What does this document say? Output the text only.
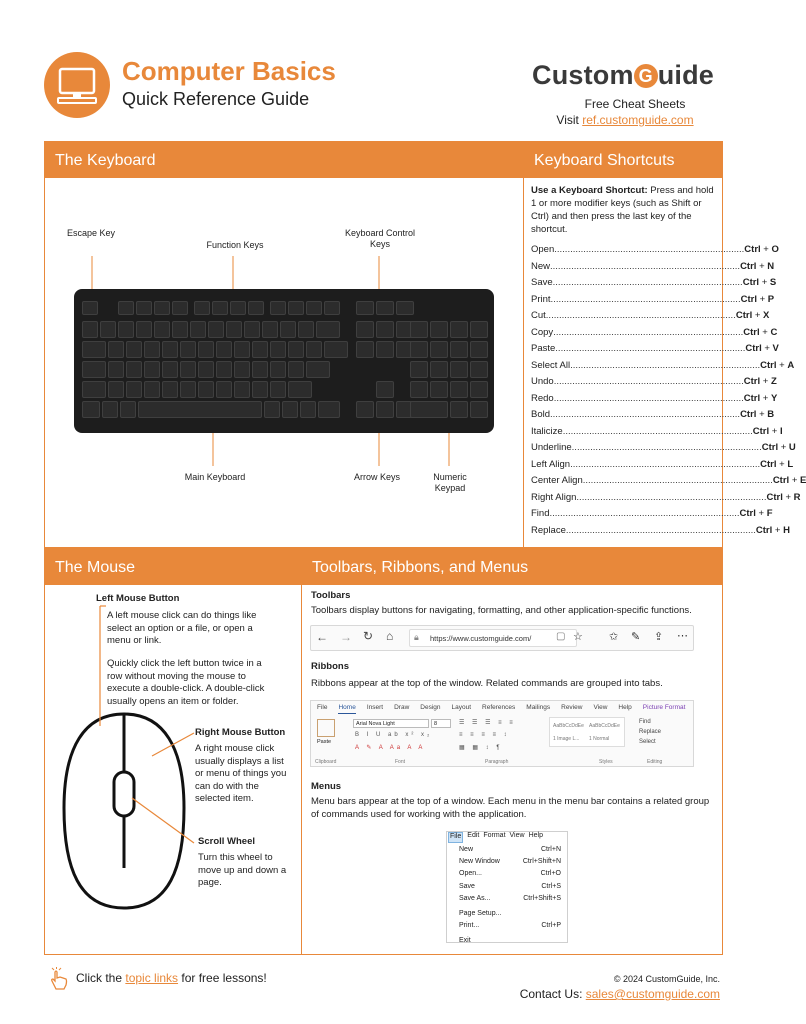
Computer Basics
Quick Reference Guide
Custom G uide
Free Cheat Sheets
Visit ref.customguide.com
The Keyboard
Escape Key
Function Keys
Keyboard Control Keys
Main Keyboard	Arrow Keys	Numeric Keypad
Keyboard Shortcuts
Use a Keyboard Shortcut: Press and hold 1 or more modifier keys (such as Shift or Ctrl) and then press the last key of the shortcut.
Open ........................................................................ Ctrl + O
New ........................................................................ Ctrl + N
Save ........................................................................ Ctrl + S
Print ........................................................................ Ctrl + P
Cut ........................................................................ Ctrl + X
Copy ........................................................................ Ctrl + C
Paste ........................................................................ Ctrl + V
Select All ........................................................................ Ctrl + A
Undo ........................................................................ Ctrl + Z
Redo ........................................................................ Ctrl + Y
Bold ........................................................................ Ctrl + B
Italicize ........................................................................ Ctrl + I
Underline ........................................................................ Ctrl + U
Left Align ........................................................................ Ctrl + L
Center Align ........................................................................ Ctrl + E
Right Align ........................................................................ Ctrl + R
Find ........................................................................ Ctrl + F
Replace ........................................................................ Ctrl + H
The Mouse
Left Mouse Button
A left mouse click can do things like select an option or a file, or open a menu or link.
Quickly click the left button twice in a row without moving the mouse to execute a double-click. A double-click usually opens an item or folder.
Right Mouse Button
A right mouse click usually displays a list or menu of things you can do with the selected item.
Scroll Wheel
Turn this wheel to move up and down a page.
Toolbars, Ribbons, and Menus
Toolbars
Toolbars display buttons for navigating, formatting, and other application-specific functions.
← → ↻ ⌂ 🔒︎ https://www.customguide.com/ ▢ ☆ ✩ ✎ ⇪ ⋯
Ribbons
Ribbons appear at the top of the window. Related commands are grouped into tabs.
File Home Insert Draw Design Layout References Mailings Review View Help Picture Format
Paste
Arial Nova Light	8
B I U ab x² x₂
A ✎ A Aa A A
☰ ☰ ☰ ≡ ≡
≡ ≡ ≡ ≡ ↕
▦ ▦ ↕ ¶
AaBbCcDdEe AaBbCcDdEe
1 Image L... 1 Normal
Find
Replace
Select
Clipboard	Font	Paragraph	Styles	Editing
Menus
Menu bars appear at the top of a window. Each menu in the menu bar contains a related group of commands used for working with the application.
File Edit Format View Help
New	Ctrl+N
New Window	Ctrl+Shift+N
Open...	Ctrl+O
Save	Ctrl+S
Save As...	Ctrl+Shift+S
Page Setup...
Print...	Ctrl+P
Exit
Click the topic links for free lessons!	© 2024 CustomGuide, Inc.
Contact Us: sales@customguide.com
